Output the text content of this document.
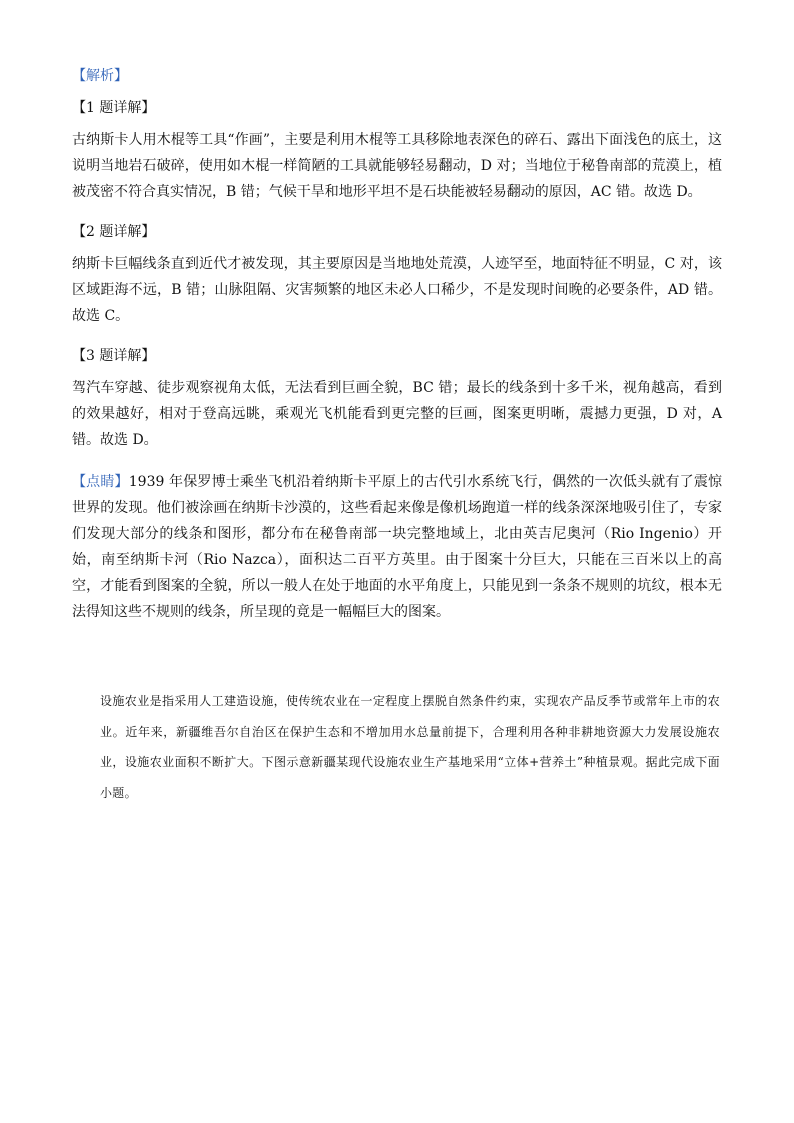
【解析】
【1 题详解】
古纳斯卡人用木棍等工具“作画”，主要是利用木棍等工具移除地表深色的碎石、露出下面浅色的底土，这说明当地岩石破碎，使用如木棍一样简陋的工具就能够轻易翻动，D 对；当地位于秘鲁南部的荒漠上，植被茂密不符合真实情况，B 错；气候干旱和地形平坦不是石块能被轻易翻动的原因，AC 错。故选 D。
【2 题详解】
纳斯卡巨幅线条直到近代才被发现，其主要原因是当地地处荒漠，人迹罕至，地面特征不明显，C 对，该区域距海不远，B 错；山脉阻隔、灾害频繁的地区未必人口稀少，不是发现时间晚的必要条件，AD 错。故选 C。
【3 题详解】
驾汽车穿越、徒步观察视角太低，无法看到巨画全貌，BC 错；最长的线条到十多千米，视角越高，看到的效果越好，相对于登高远眺，乘观光飞机能看到更完整的巨画，图案更明晰，震撼力更强，D 对，A 错。故选 D。
【点睛】1939 年保罗博士乘坐飞机沿着纳斯卡平原上的古代引水系统飞行，偶然的一次低头就有了震惊世界的发现。他们被涂画在纳斯卡沙漠的，这些看起来像是像机场跑道一样的线条深深地吸引住了，专家们发现大部分的线条和图形，都分布在秘鲁南部一块完整地域上，北由英吉尼奥河（Rio Ingenio）开始，南至纳斯卡河（Rio Nazca），面积达二百平方英里。由于图案十分巨大，只能在三百米以上的高空，才能看到图案的全貌，所以一般人在处于地面的水平角度上，只能见到一条条不规则的坑纹，根本无法得知这些不规则的线条，所呈现的竟是一幅幅巨大的图案。
设施农业是指采用人工建造设施，使传统农业在一定程度上摆脱自然条件约束，实现农产品反季节或常年上市的农业。近年来，新疆维吾尔自治区在保护生态和不增加用水总量前提下，合理利用各种非耕地资源大力发展设施农业，设施农业面积不断扩大。下图示意新疆某现代设施农业生产基地采用“立体+营养土”种植景观。据此完成下面小题。
